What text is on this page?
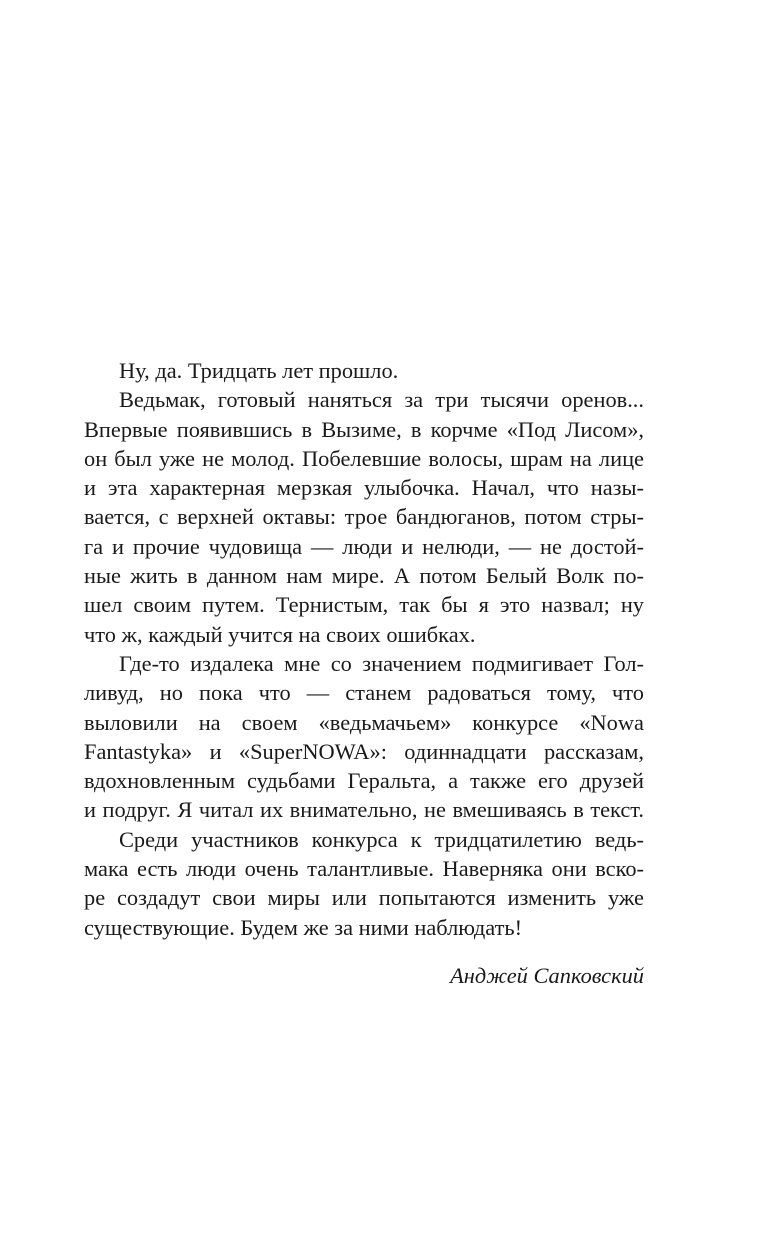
Ну, да. Тридцать лет прошло.

Ведьмак, готовый наняться за три тысячи оренов...
Впервые появившись в Вызиме, в корчме «Под Лисом»,
он был уже не молод. Побелевшие волосы, шрам на лице
и эта характерная мерзкая улыбочка. Начал, что назы-
вается, с верхней октавы: трое бандюганов, потом стры-
га и прочие чудовища — люди и нелюди, — не достой-
ные жить в данном нам мире. А потом Белый Волк по-
шел своим путем. Тернистым, так бы я это назвал; ну
что ж, каждый учится на своих ошибках.

Где-то издалека мне со значением подмигивает Гол-
ливуд, но пока что — станем радоваться тому, что
выловили на своем «ведьмачьем» конкурсе «Nowa
Fantastyka» и «SuperNOWA»: одиннадцати рассказам,
вдохновленным судьбами Геральта, а также его друзей
и подруг. Я читал их внимательно, не вмешиваясь в текст.

Среди участников конкурса к тридцатилетию ведь-
мака есть люди очень талантливые. Наверняка они вско-
ре создадут свои миры или попытаются изменить уже
существующие. Будем же за ними наблюдать!

Анджей Сапковский
